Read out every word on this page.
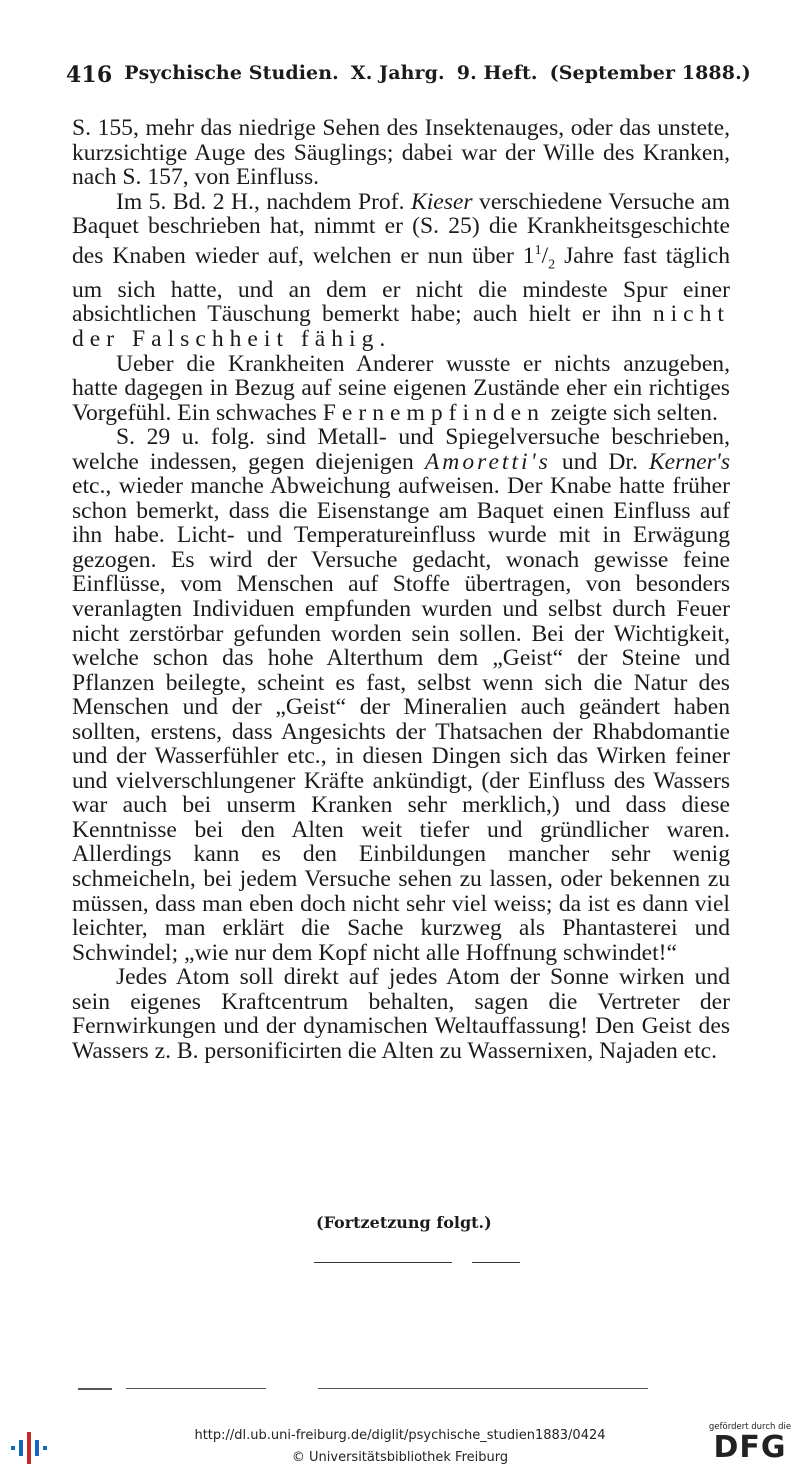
416 Psychische Studien. X. Jahrg. 9. Heft. (September 1888.)

S. 155, mehr das niedrige Sehen des Insektenauges, oder das unstete, kurzsichtige Auge des Säuglings; dabei war der Wille des Kranken, nach S. 157, von Einfluss.

Im 5. Bd. 2 H., nachdem Prof. Kieser verschiedene Versuche am Baquet beschrieben hat, nimmt er (S. 25) die Krankheitsgeschichte des Knaben wieder auf, welchen er nun über $1^1/_2$ Jahre fast täglich um sich hatte, und an dem er nicht die mindeste Spur einer absichtlichen Täuschung bemerkt habe; auch hielt er ihn nicht der Falschheit fähig.

Ueber die Krankheiten Anderer wusste er nichts anzugeben, hatte dagegen in Bezug auf seine eigenen Zustände eher ein richtiges Vorgefühl. Ein schwaches Fernempfinden zeigte sich selten.

S. 29 u. folg. sind Metall- und Spiegelversuche beschrieben, welche indessen, gegen diejenigen Amoretti's und Dr. Kerner's etc., wieder manche Abweichung aufweisen. Der Knabe hatte früher schon bemerkt, dass die Eisenstange am Baquet einen Einfluss auf ihn habe. Licht- und Temperatureinfluss wurde mit in Erwägung gezogen. Es wird der Versuche gedacht, wonach gewisse feine Einflüsse, vom Menschen auf Stoffe übertragen, von besonders veranlagten Individuen empfunden wurden und selbst durch Feuer nicht zerstörbar gefunden worden sein sollen. Bei der Wichtigkeit, welche schon das hohe Alterthum dem „Geist“ der Steine und Pflanzen beilegte, scheint es fast, selbst wenn sich die Natur des Menschen und der „Geist“ der Mineralien auch geändert haben sollten, erstens, dass Angesichts der Thatsachen der Rhabdomantie und der Wasserfühler etc., in diesen Dingen sich das Wirken feiner und vielverschlungener Kräfte ankündigt, (der Einfluss des Wassers war auch bei unserm Kranken sehr merklich,) und dass diese Kenntnisse bei den Alten weit tiefer und gründlicher waren. Allerdings kann es den Einbildungen mancher sehr wenig schmeicheln, bei jedem Versuche sehen zu lassen, oder bekennen zu müssen, dass man eben doch nicht sehr viel weiss; da ist es dann viel leichter, man erklärt die Sache kurzweg als Phantasterei und Schwindel; „wie nur dem Kopf nicht alle Hoffnung schwindet!“

Jedes Atom soll direkt auf jedes Atom der Sonne wirken und sein eigenes Kraftcentrum behalten, sagen die Vertreter der Fernwirkungen und der dynamischen Weltauffassung! Den Geist des Wassers z. B. personificirten die Alten zu Wassernixen, Najaden etc.

(Fortzetzung folgt.)
http://dl.ub.uni-freiburg.de/diglit/psychische_studien1883/0424
© Universitätsbibliothek Freiburg
gefördert durch die
DFG
